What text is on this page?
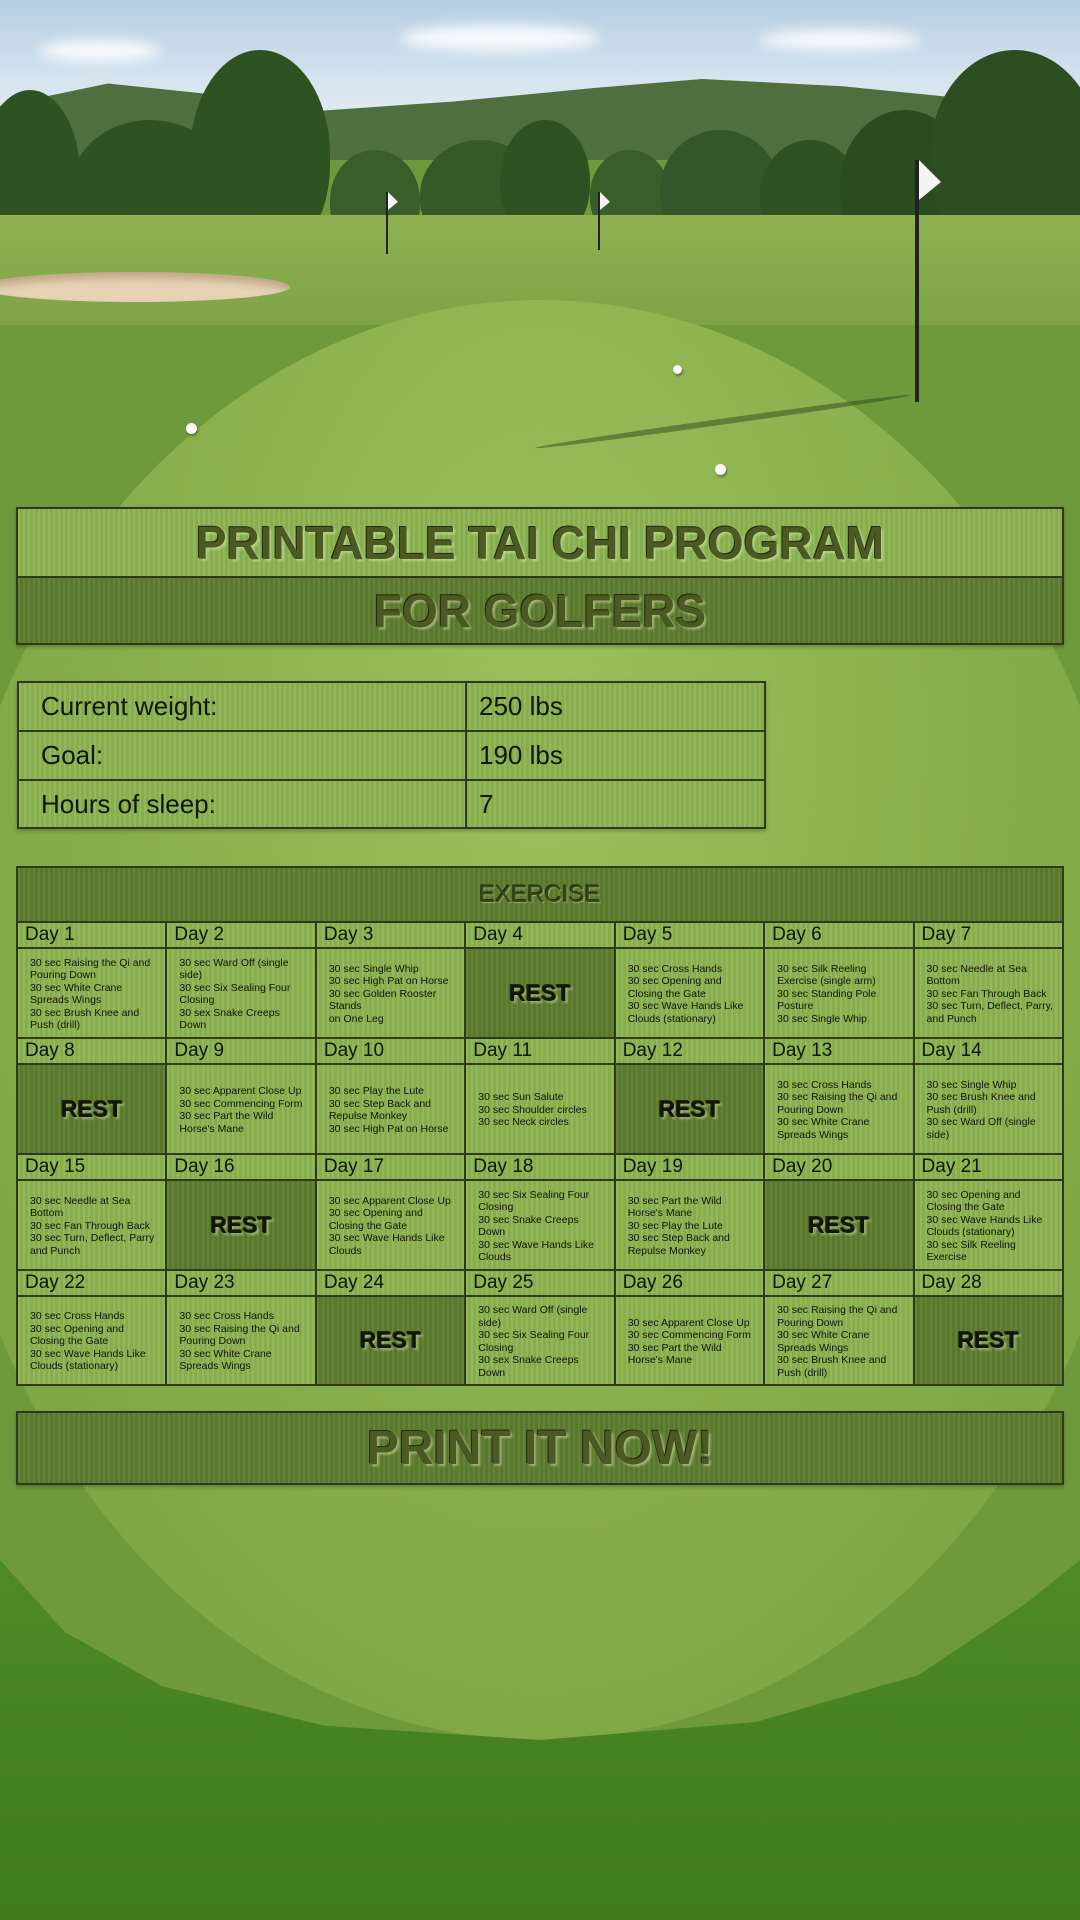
PRINTABLE TAI CHI PROGRAM
FOR GOLFERS
Current weight:	250 lbs
Goal:	190 lbs
Hours of sleep:	7
EXERCISE
Day 1
30 sec Raising the Qi and Pouring Down
30 sec White Crane Spreads Wings
30 sec Brush Knee and Push (drill)
Day 2
30 sec Ward Off (single side)
30 sec Six Sealing Four Closing
30 sex Snake Creeps Down
Day 3
30 sec Single Whip
30 sec High Pat on Horse
30 sec Golden Rooster Stands
on One Leg
Day 4
REST
Day 5
30 sec Cross Hands
30 sec Opening and Closing the Gate
30 sec Wave Hands Like Clouds (stationary)
Day 6
30 sec Silk Reeling Exercise (single arm)
30 sec Standing Pole Posture
30 sec Single Whip
Day 7
30 sec Needle at Sea Bottom
30 sec Fan Through Back
30 sec Turn, Deflect, Parry, and Punch
Day 8
REST
Day 9
30 sec Apparent Close Up
30 sec Commencing Form
30 sec Part the Wild Horse's Mane
Day 10
30 sec Play the Lute
30 sec Step Back and Repulse Monkey
30 sec High Pat on Horse
Day 11
30 sec Sun Salute
30 sec Shoulder circles
30 sec Neck circles
Day 12
REST
Day 13
30 sec Cross Hands
30 sec Raising the Qi and Pouring Down
30 sec White Crane Spreads Wings
Day 14
30 sec Single Whip
30 sec Brush Knee and Push (drill)
30 sec Ward Off (single side)
Day 15
30 sec Needle at Sea Bottom
30 sec Fan Through Back
30 sec Turn, Deflect, Parry and Punch
Day 16
REST
Day 17
30 sec Apparent Close Up
30 sec Opening and Closing the Gate
30 sec Wave Hands Like Clouds
Day 18
30 sec Six Sealing Four Closing
30 sec Snake Creeps Down
30 sec Wave Hands Like Clouds
Day 19
30 sec Part the Wild Horse's Mane
30 sec Play the Lute
30 sec Step Back and Repulse Monkey
Day 20
REST
Day 21
30 sec Opening and Closing the Gate
30 sec Wave Hands Like Clouds (stationary)
30 sec Silk Reeling Exercise
Day 22
30 sec Cross Hands
30 sec Opening and Closing the Gate
30 sec Wave Hands Like Clouds (stationary)
Day 23
30 sec Cross Hands
30 sec Raising the Qi and Pouring Down
30 sec White Crane Spreads Wings
Day 24
REST
Day 25
30 sec Ward Off (single side)
30 sec Six Sealing Four Closing
30 sex Snake Creeps Down
Day 26
30 sec Apparent Close Up
30 sec Commencing Form
30 sec Part the Wild Horse's Mane
Day 27
30 sec Raising the Qi and Pouring Down
30 sec White Crane Spreads Wings
30 sec Brush Knee and Push (drill)
Day 28
REST
PRINT IT NOW!
